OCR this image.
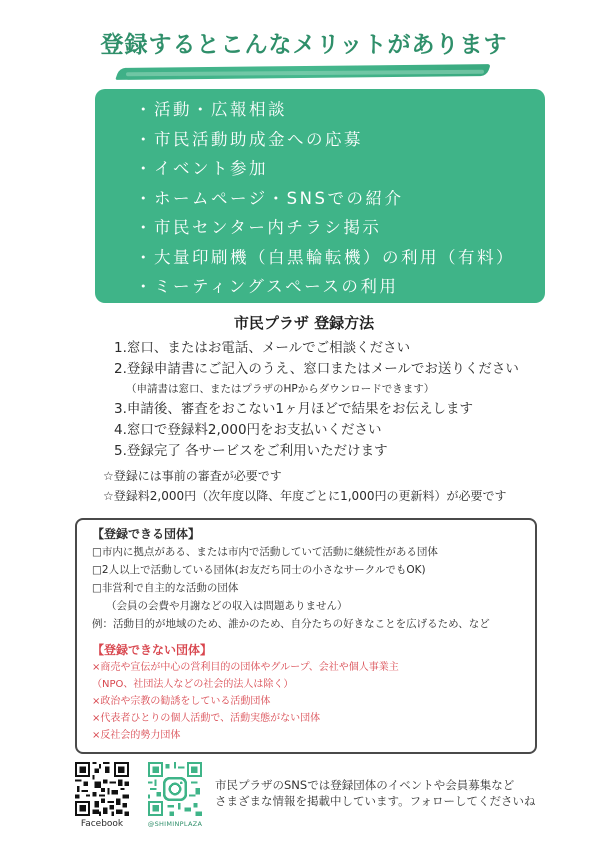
登録するとこんなメリットがあります
・活動・広報相談
・市民活動助成金への応募
・イベント参加
・ホームページ・SNSでの紹介
・市民センター内チラシ掲示
・大量印刷機（白黒輪転機）の利用（有料）
・ミーティングスペースの利用
市民プラザ 登録方法
1.窓口、またはお電話、メールでご相談ください
2.登録申請書にご記入のうえ、窓口またはメールでお送りください
（申請書は窓口、またはプラザのHPからダウンロードできます）
3.申請後、審査をおこない1ヶ月ほどで結果をお伝えします
4.窓口で登録料2,000円をお支払いください
5.登録完了 各サービスをご利用いただけます
☆登録には事前の審査が必要です
☆登録料2,000円（次年度以降、年度ごとに1,000円の更新料）が必要です
【登録できる団体】
□市内に拠点がある、または市内で活動していて活動に継続性がある団体
□2人以上で活動している団体(お友だち同士の小さなサークルでもOK)
□非営利で自主的な活動の団体
（会員の会費や月謝などの収入は問題ありません）
例：活動目的が地域のため、誰かのため、自分たちの好きなことを広げるため、など
【登録できない団体】
×商売や宣伝が中心の営利目的の団体やグループ、会社や個人事業主
（NPO、社団法人などの社会的法人は除く）
×政治や宗教の勧誘をしている活動団体
×代表者ひとりの個人活動で、活動実態がない団体
×反社会的勢力団体
Facebook	@SHIMINPLAZA
市民プラザのSNSでは登録団体のイベントや会員募集など
さまざまな情報を掲載中しています。フォローしてくださいね
